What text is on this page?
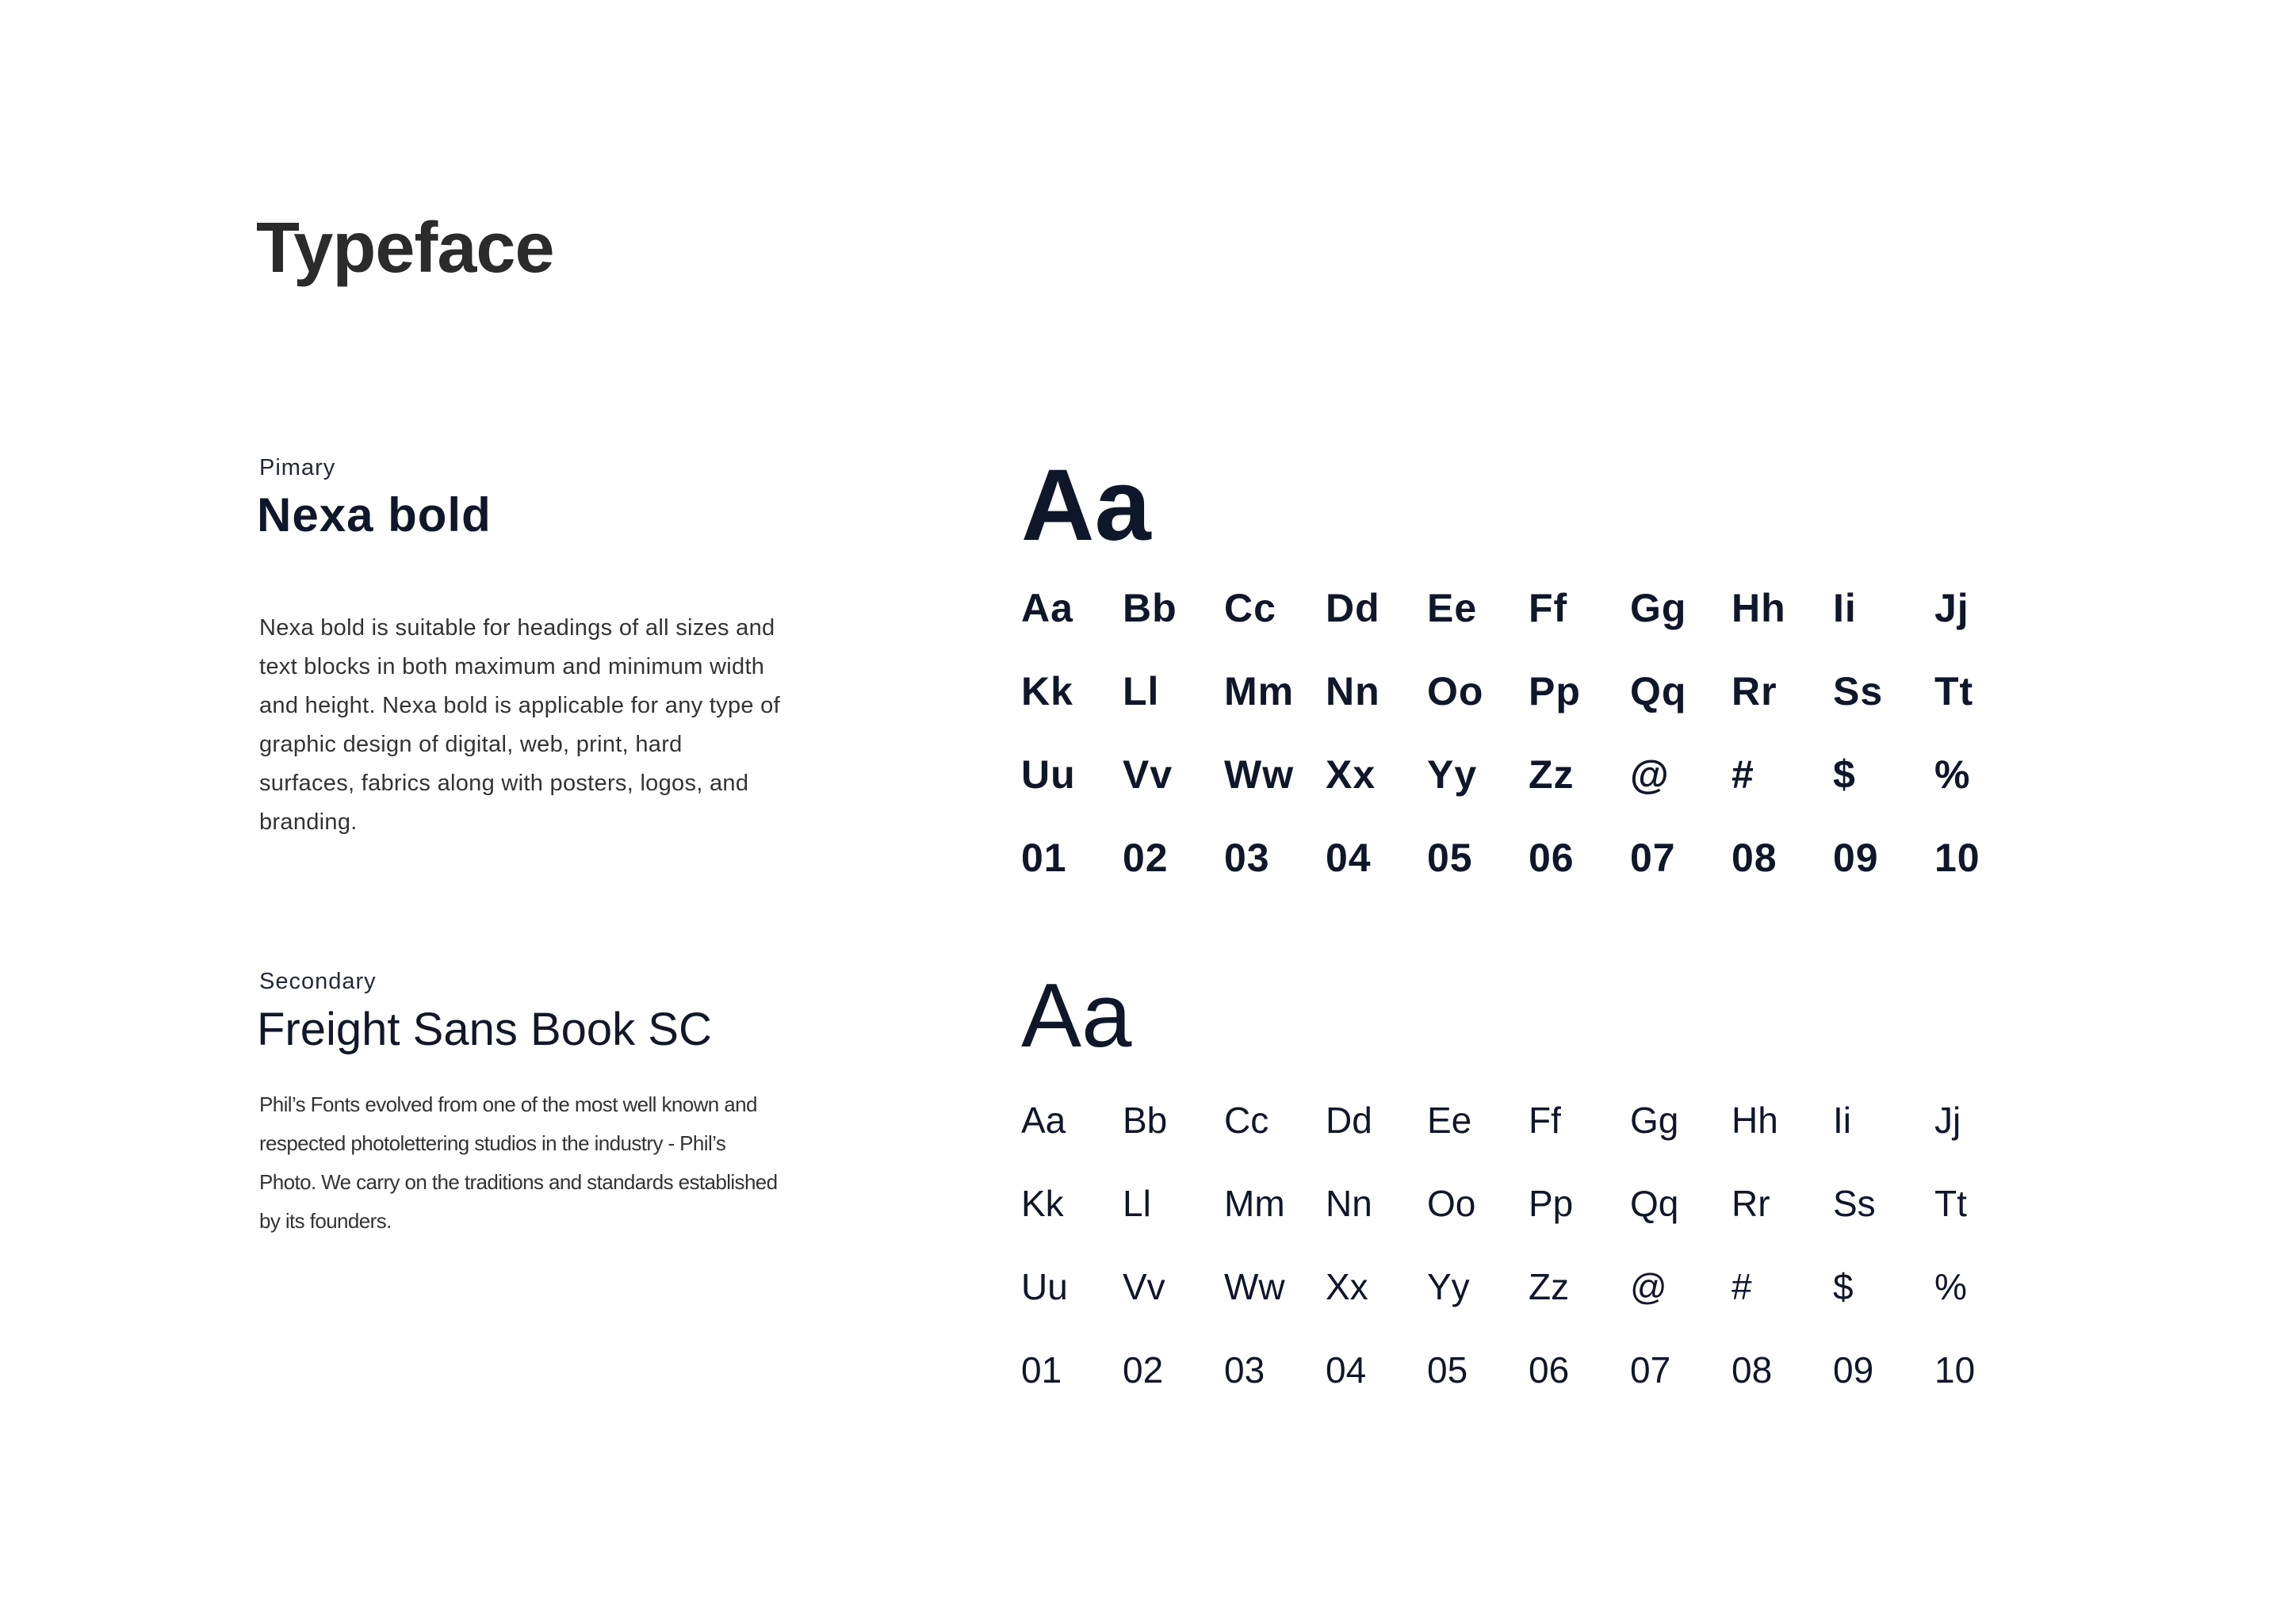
Typeface
Pimary
Nexa bold

Nexa bold is suitable for headings of all sizes and text blocks in both maximum and minimum width and height. Nexa bold is applicable for any type of graphic design of digital, web, print, hard surfaces, fabrics along with posters, logos, and branding.

Aa
Aa	Bb	Cc	Dd	Ee	Ff	Gg	Hh	Ii	Jj
Kk	Ll	Mm Nn	Oo	Pp	Qq	Rr	Ss	Tt
Uu	Vv	Ww Xx	Yy	Zz	@	#	$	%
01	02	03	04	05	06	07	08	09	10
Secondary
Freight Sans Book SC

Phil’s Fonts evolved from one of the most well known and respected photolettering studios in the industry - Phil’s Photo. We carry on the traditions and standards established by its founders.

Aa
Aa	Bb	Cc	Dd	Ee	Ff	Gg	Hh	Ii	Jj
Kk	Ll	Mm	Nn	Oo	Pp	Qq	Rr	Ss	Tt
Uu	Vv	Ww	Xx	Yy	Zz	@	#	$	%
01	02	03	04	05	06	07	08	09	10
